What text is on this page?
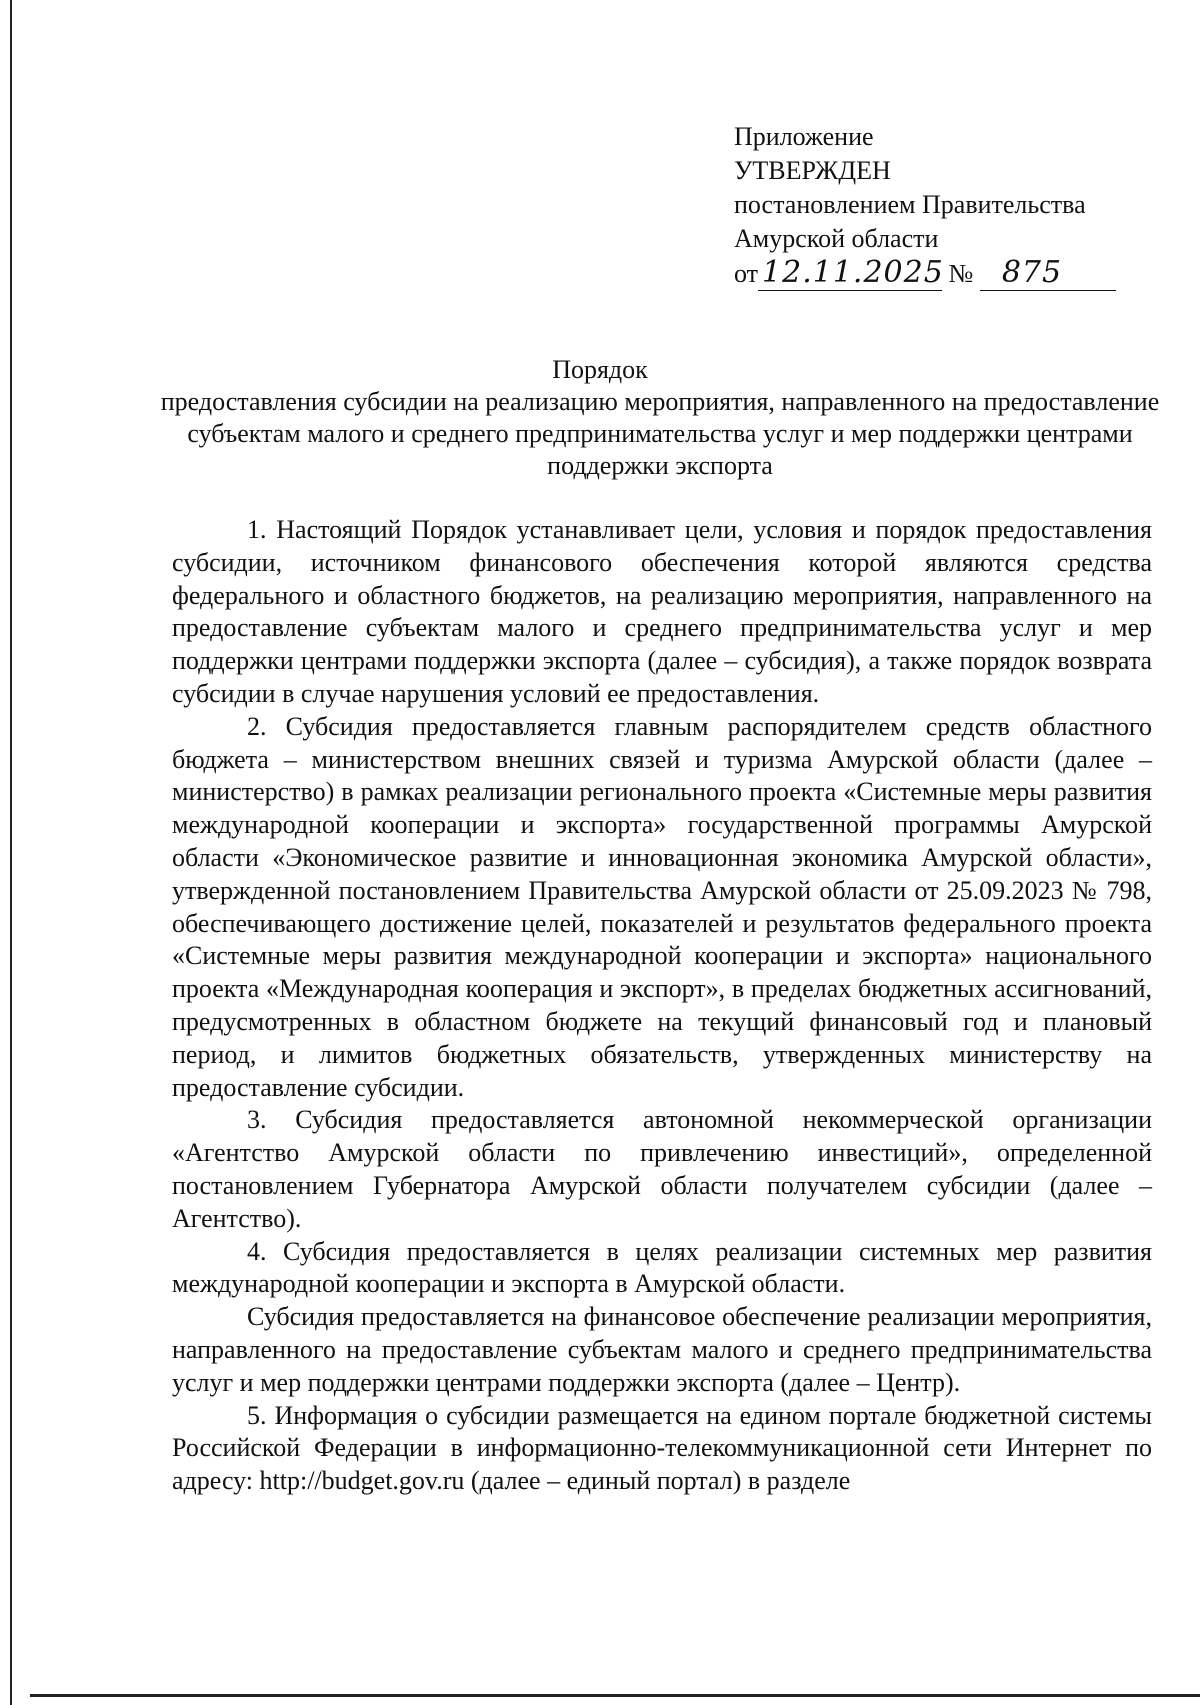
Приложение
УТВЕРЖДЕН
постановлением Правительства
Амурской области
от 12.11.2025 № 875
Порядок
предоставления субсидии на реализацию мероприятия, направленного на предоставление субъектам малого и среднего предпринимательства услуг и мер поддержки центрами поддержки экспорта

1. Настоящий Порядок устанавливает цели, условия и порядок предоставления субсидии, источником финансового обеспечения которой являются средства федерального и областного бюджетов, на реализацию мероприятия, направленного на предоставление субъектам малого и среднего предпринимательства услуг и мер поддержки центрами поддержки экспорта (далее – субсидия), а также порядок возврата субсидии в случае нарушения условий ее предоставления.

2. Субсидия предоставляется главным распорядителем средств областного бюджета – министерством внешних связей и туризма Амурской области (далее – министерство) в рамках реализации регионального проекта «Системные меры развития международной кооперации и экспорта» государственной программы Амурской области «Экономическое развитие и инновационная экономика Амурской области», утвержденной постановлением Правительства Амурской области от 25.09.2023 № 798, обеспечивающего достижение целей, показателей и результатов федерального проекта «Системные меры развития международной кооперации и экспорта» национального проекта «Международная кооперация и экспорт», в пределах бюджетных ассигнований, предусмотренных в областном бюджете на текущий финансовый год и плановый период, и лимитов бюджетных обязательств, утвержденных министерству на предоставление субсидии.

3. Субсидия предоставляется автономной некоммерческой организации «Агентство Амурской области по привлечению инвестиций», определенной постановлением Губернатора Амурской области получателем субсидии (далее – Агентство).

4. Субсидия предоставляется в целях реализации системных мер развития международной кооперации и экспорта в Амурской области.

Субсидия предоставляется на финансовое обеспечение реализации мероприятия, направленного на предоставление субъектам малого и среднего предпринимательства услуг и мер поддержки центрами поддержки экспорта (далее – Центр).

5. Информация о субсидии размещается на едином портале бюджетной системы Российской Федерации в информационно-телекоммуникационной сети Интернет по адресу: http://budget.gov.ru (далее – единый портал) в разделе
